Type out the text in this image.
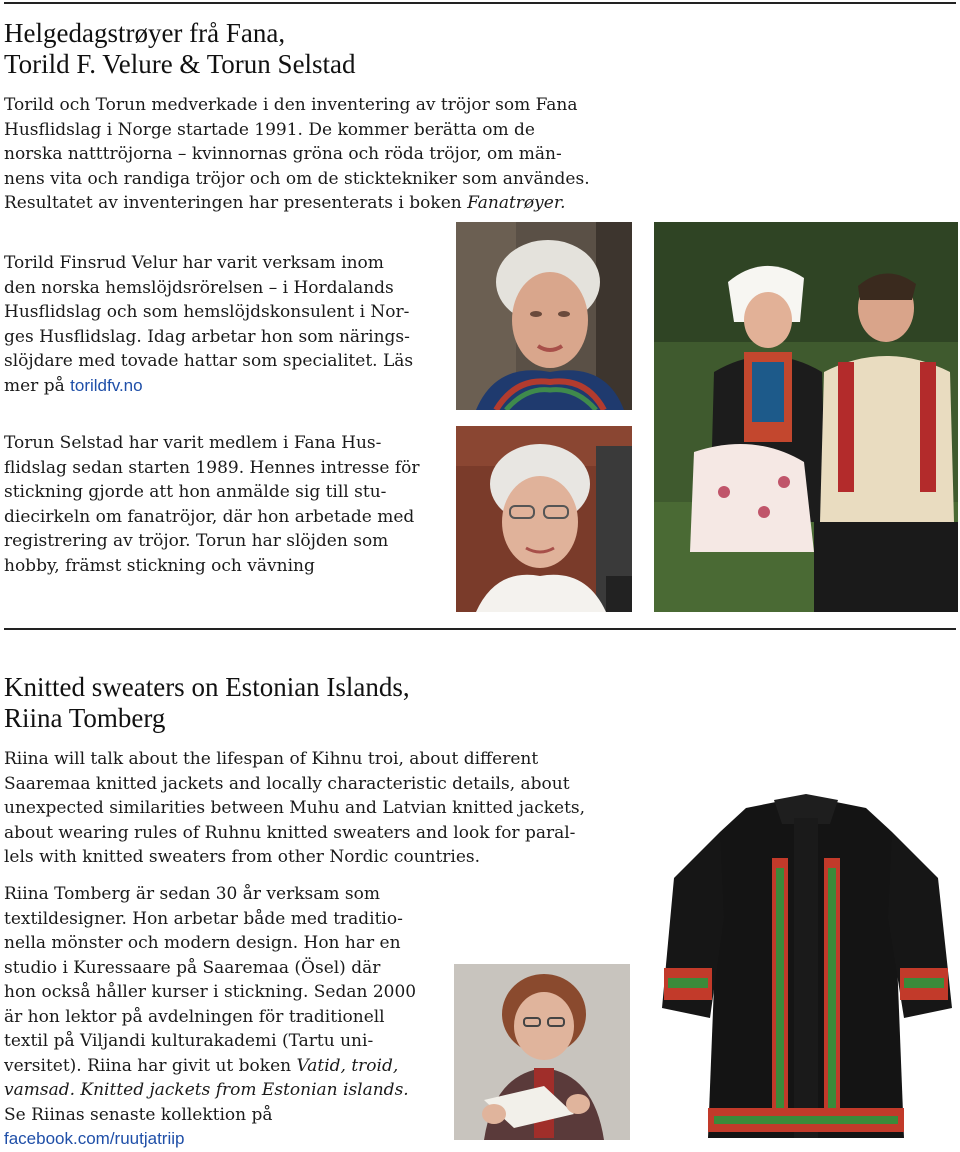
Helgedagstrøyer frå Fana,
Torild F. Velure & Torun Selstad
Torild och Torun medverkade i den inventering av tröjor som Fana
Husflidslag i Norge startade 1991. De kommer berätta om de
norska natttröjorna – kvinnornas gröna och röda tröjor, om män-
nens vita och randiga tröjor och om de sticktekniker som användes.
Resultatet av inventeringen har presenterats i boken Fanatrøyer.
Torild Finsrud Velur har varit verksam inom
den norska hemslöjdsrörelsen – i Hordalands
Husflidslag och som hemslöjdskonsulent i Nor-
ges Husflidslag. Idag arbetar hon som närings-
slöjdare med tovade hattar som specialitet. Läs
mer på torildfv.no
Torun Selstad har varit medlem i Fana Hus-
flidslag sedan starten 1989. Hennes intresse för
stickning gjorde att hon anmälde sig till stu-
diecirkeln om fanatröjor, där hon arbetade med
registrering av tröjor. Torun har slöjden som
hobby, främst stickning och vävning
Knitted sweaters on Estonian Islands,
Riina Tomberg
Riina will talk about the lifespan of Kihnu troi, about different
Saaremaa knitted jackets and locally characteristic details, about
unexpected similarities between Muhu and Latvian knitted jackets,
about wearing rules of Ruhnu knitted sweaters and look for paral-
lels with knitted sweaters from other Nordic countries.
Riina Tomberg är sedan 30 år verksam som
textildesigner. Hon arbetar både med traditio-
nella mönster och modern design. Hon har en
studio i Kuressaare på Saaremaa (Ösel) där
hon också håller kurser i stickning. Sedan 2000
är hon lektor på avdelningen för traditionell
textil på Viljandi kulturakademi (Tartu uni-
versitet). Riina har givit ut boken Vatid, troid,
vamsad. Knitted jackets from Estonian islands.
Se Riinas senaste kollektion på
facebook.com/ruutjatriip
